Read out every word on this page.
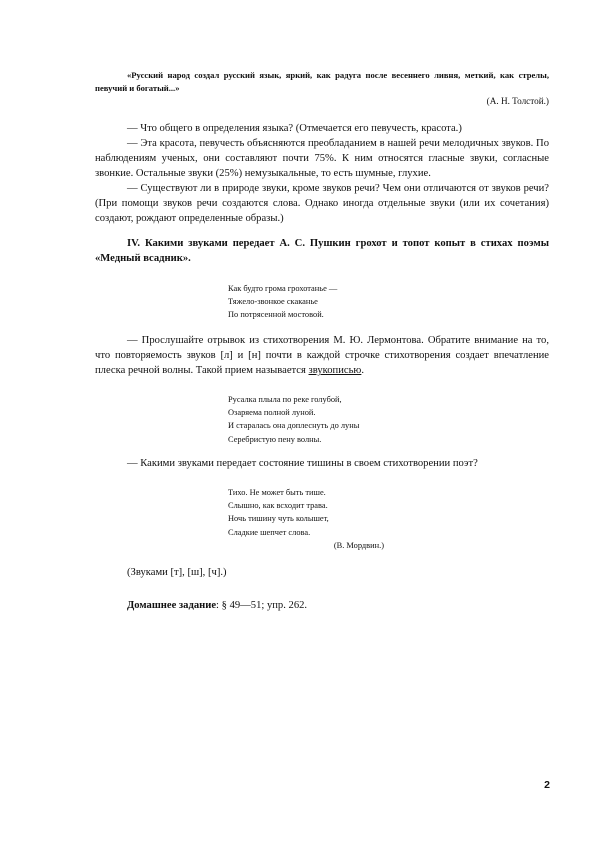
«Русский народ создал русский язык, яркий, как радуга после весеннего ливня, меткий, как стрелы, певучий и богатый...»

(А. Н. Толстой.)

— Что общего в определения языка? (Отмечается его певучесть, красота.)

— Эта красота, певучесть объясняются преобладанием в нашей речи мелодичных звуков. По наблюдениям ученых, они составляют почти 75%. К ним относятся гласные звуки, согласные звонкие. Остальные звуки (25%) немузыкальные, то есть шумные, глухие.

— Существуют ли в природе звуки, кроме звуков речи? Чем они отличаются от звуков речи? (При помощи звуков речи создаются слова. Однако иногда отдельные звуки (или их сочетания) создают, рождают определенные образы.)

IV. Какими звуками передает А. С. Пушкин грохот и топот копыт в стихах поэмы «Медный всадник».

Как будто грома грохотанье —
Тяжело-звонкое скаканье
По потрясенной мостовой.

— Прослушайте отрывок из стихотворения М. Ю. Лермонтова. Обратите внимание на то, что повторяемость звуков [л] и [н] почти в каждой строчке стихотворения создает впечатление плеска речной волны. Такой прием называется звукописью.

Русалка плыла по реке голубой,
Озаряема полной луной.
И старалась она доплеснуть до луны
Серебристую пену волны.

— Какими звуками передает состояние тишины в своем стихотворении поэт?

Тихо. Не может быть тише.
Слышно, как всходит трава.
Ночь тишину чуть колышет,
Сладкие шепчет слова.
(В. Мордвин.)

(Звуками [т], [ш], [ч].)

Домашнее задание: § 49—51; упр. 262.

2
